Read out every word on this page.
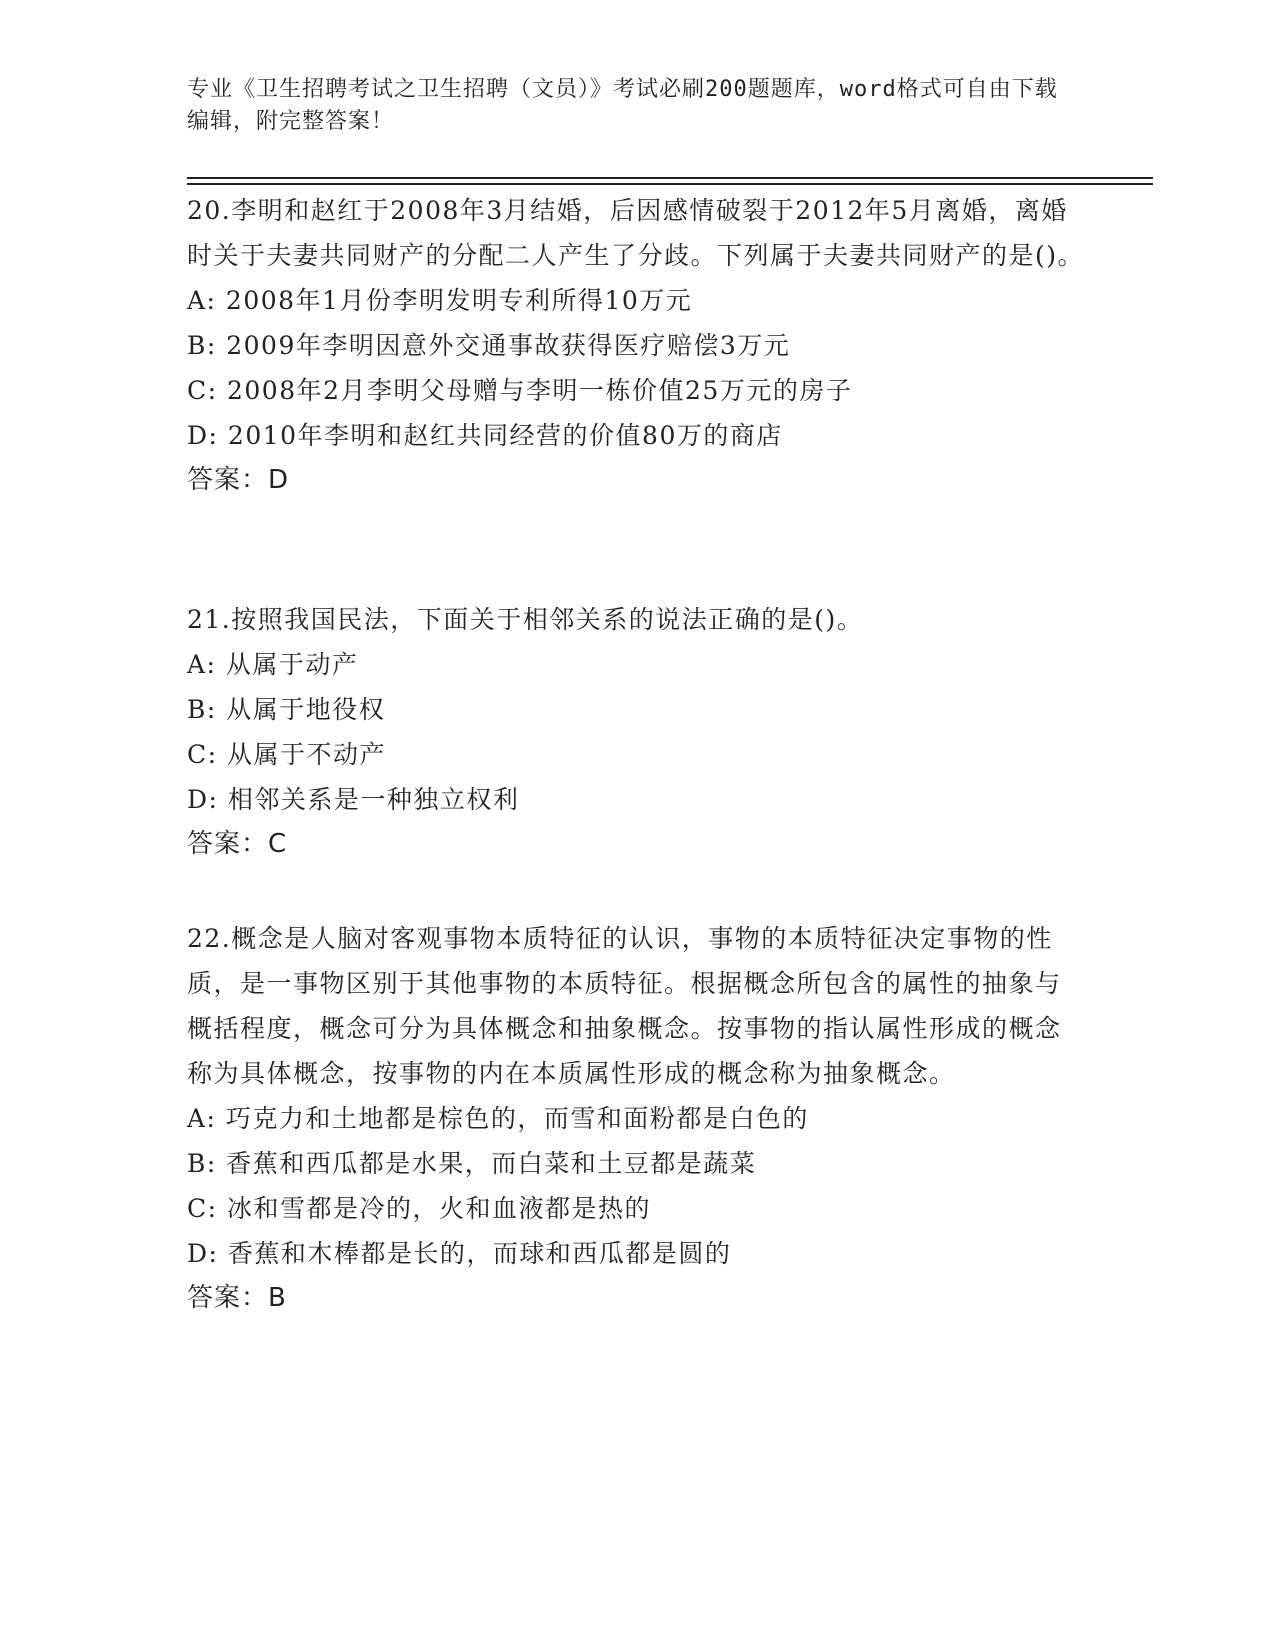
专业《卫生招聘考试之卫生招聘（文员）》考试必刷200题题库，word格式可自由下载编辑，附完整答案！
20.李明和赵红于2008年3月结婚，后因感情破裂于2012年5月离婚，离婚时关于夫妻共同财产的分配二人产生了分歧。下列属于夫妻共同财产的是()。
A: 2008年1月份李明发明专利所得10万元
B: 2009年李明因意外交通事故获得医疗赔偿3万元
C: 2008年2月李明父母赠与李明一栋价值25万元的房子
D: 2010年李明和赵红共同经营的价值80万的商店
答案：D
21.按照我国民法，下面关于相邻关系的说法正确的是()。
A: 从属于动产
B: 从属于地役权
C: 从属于不动产
D: 相邻关系是一种独立权利
答案：C
22.概念是人脑对客观事物本质特征的认识，事物的本质特征决定事物的性质，是一事物区别于其他事物的本质特征。根据概念所包含的属性的抽象与概括程度，概念可分为具体概念和抽象概念。按事物的指认属性形成的概念称为具体概念，按事物的内在本质属性形成的概念称为抽象概念。
A: 巧克力和土地都是棕色的，而雪和面粉都是白色的
B: 香蕉和西瓜都是水果，而白菜和土豆都是蔬菜
C: 冰和雪都是冷的，火和血液都是热的
D: 香蕉和木棒都是长的，而球和西瓜都是圆的
答案：B
